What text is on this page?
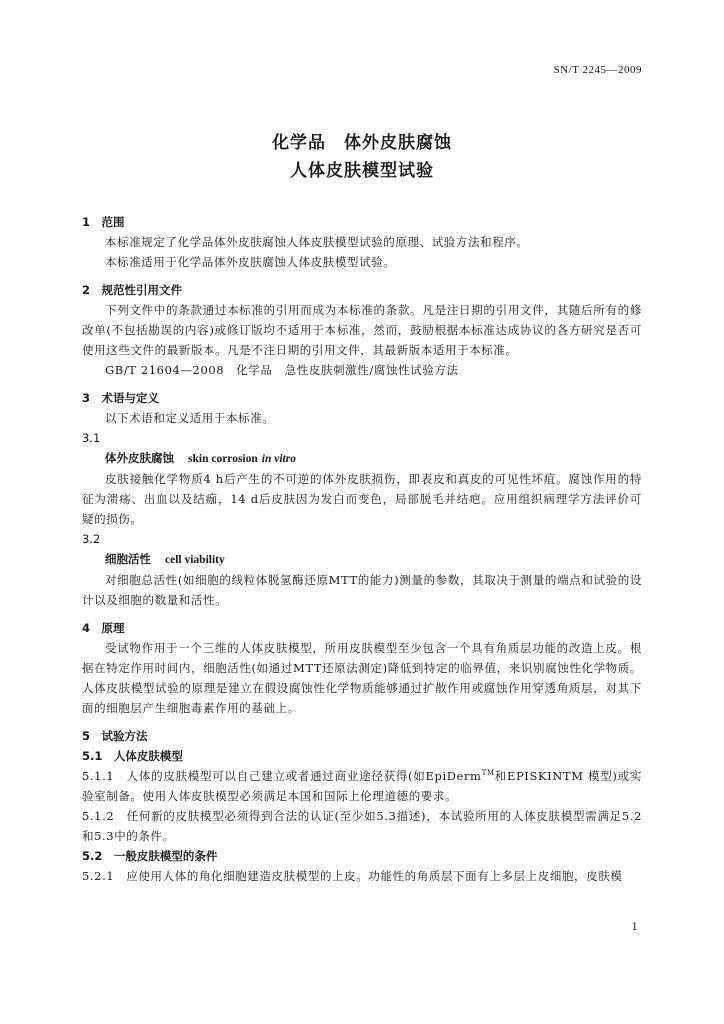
SN/T 2245—2009
化学品　体外皮肤腐蚀
人体皮肤模型试验
1　范围
本标准规定了化学品体外皮肤腐蚀人体皮肤模型试验的原理、试验方法和程序。
本标准适用于化学品体外皮肤腐蚀人体皮肤模型试验。
2　规范性引用文件
下列文件中的条款通过本标准的引用而成为本标准的条款。凡是注日期的引用文件，其随后所有的修改单(不包括勘误的内容)或修订版均不适用于本标准，然而，鼓励根据本标准达成协议的各方研究是否可使用这些文件的最新版本。凡是不注日期的引用文件，其最新版本适用于本标准。
GB/T 21604—2008　化学品　急性皮肤刺激性/腐蚀性试验方法
3　术语与定义
以下术语和定义适用于本标准。
3.1
体外皮肤腐蚀 skin corrosion in vitro
皮肤接触化学物质4 h后产生的不可逆的体外皮肤损伤，即表皮和真皮的可见性坏疽。腐蚀作用的特征为溃疡、出血以及结痂，14 d后皮肤因为发白而变色，局部脱毛并结疤。应用组织病理学方法评价可疑的损伤。
3.2
细胞活性 cell viability
对细胞总活性(如细胞的线粒体脱氢酶还原MTT的能力)测量的参数，其取决于测量的端点和试验的设计以及细胞的数量和活性。
4　原理
受试物作用于一个三维的人体皮肤模型，所用皮肤模型至少包含一个具有角质层功能的改造上皮。根据在特定作用时间内，细胞活性(如通过MTT还原法测定)降低到特定的临界值，来识别腐蚀性化学物质。人体皮肤模型试验的原理是建立在假设腐蚀性化学物质能够通过扩散作用或腐蚀作用穿透角质层，对其下面的细胞层产生细胞毒素作用的基础上。
5　试验方法
5.1　人体皮肤模型
5.1.1　人体的皮肤模型可以自己建立或者通过商业途径获得(如EpiDerm™和EPISKINTM 模型)或实验室制备。使用人体皮肤模型必须满足本国和国际上伦理道德的要求。
5.1.2　任何新的皮肤模型必须得到合法的认证(至少如5.3描述)，本试验所用的人体皮肤模型需满足5.2和5.3中的条件。
5.2　一般皮肤模型的条件
5.2.1　应使用人体的角化细胞建造皮肤模型的上皮。功能性的角质层下面有上多层上皮细胞，皮肤模
1
